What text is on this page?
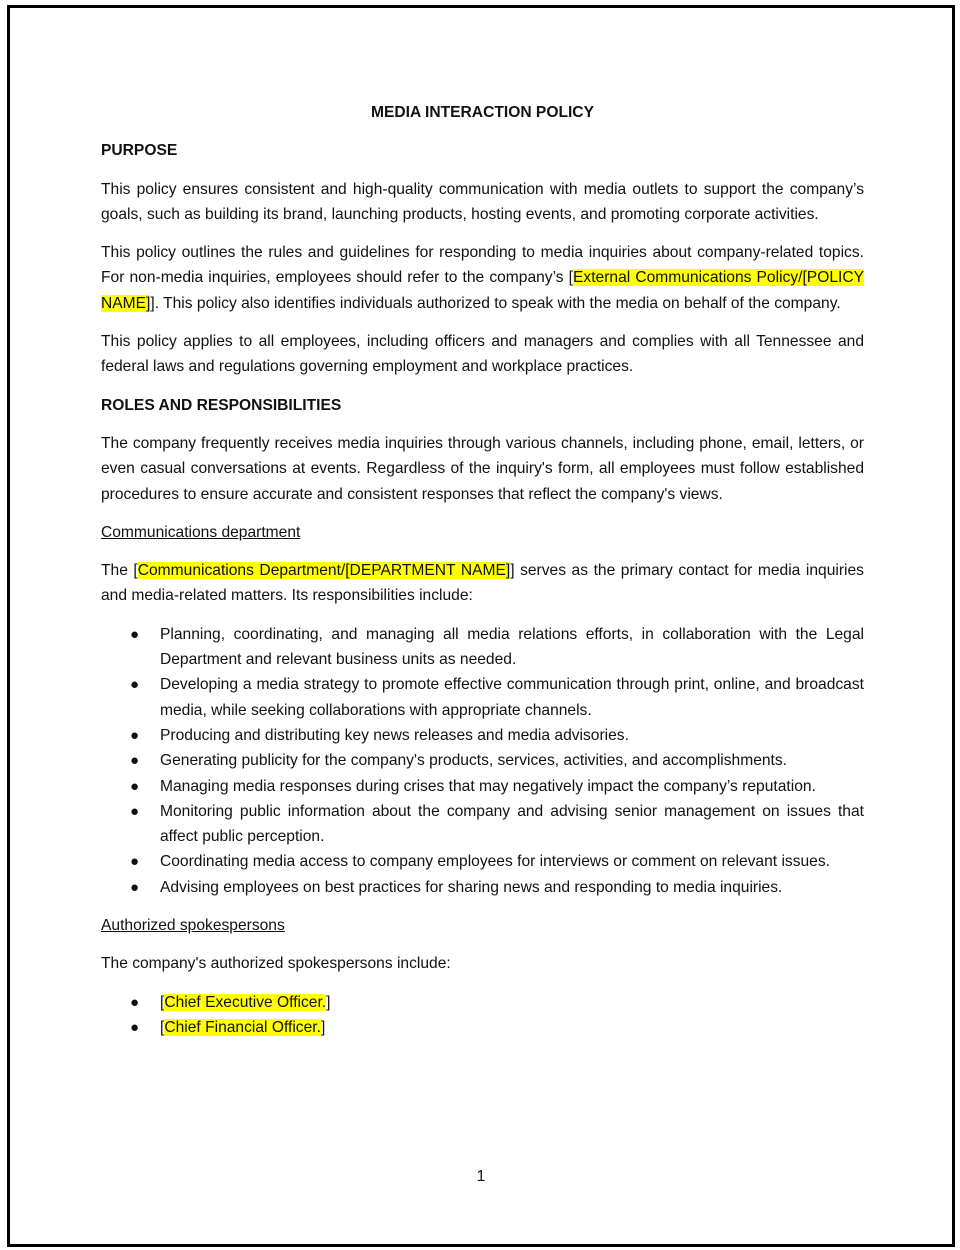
MEDIA INTERACTION POLICY
PURPOSE

This policy ensures consistent and high-quality communication with media outlets to support the company’s goals, such as building its brand, launching products, hosting events, and promoting corporate activities.

This policy outlines the rules and guidelines for responding to media inquiries about company-related topics. For non-media inquiries, employees should refer to the company’s [External Communications Policy/[POLICY NAME]]. This policy also identifies individuals authorized to speak with the media on behalf of the company.

This policy applies to all employees, including officers and managers and complies with all Tennessee and federal laws and regulations governing employment and workplace practices.

ROLES AND RESPONSIBILITIES

The company frequently receives media inquiries through various channels, including phone, email, letters, or even casual conversations at events. Regardless of the inquiry's form, all employees must follow established procedures to ensure accurate and consistent responses that reflect the company's views.

Communications department

The [Communications Department/[DEPARTMENT NAME]] serves as the primary contact for media inquiries and media-related matters. Its responsibilities include:

● Planning, coordinating, and managing all media relations efforts, in collaboration with the Legal Department and relevant business units as needed.
● Developing a media strategy to promote effective communication through print, online, and broadcast media, while seeking collaborations with appropriate channels.
● Producing and distributing key news releases and media advisories.
● Generating publicity for the company's products, services, activities, and accomplishments.
● Managing media responses during crises that may negatively impact the company’s reputation.
● Monitoring public information about the company and advising senior management on issues that affect public perception.
● Coordinating media access to company employees for interviews or comment on relevant issues.
● Advising employees on best practices for sharing news and responding to media inquiries.
Authorized spokespersons

The company's authorized spokespersons include:

● [Chief Executive Officer.]
● [Chief Financial Officer.]
1
